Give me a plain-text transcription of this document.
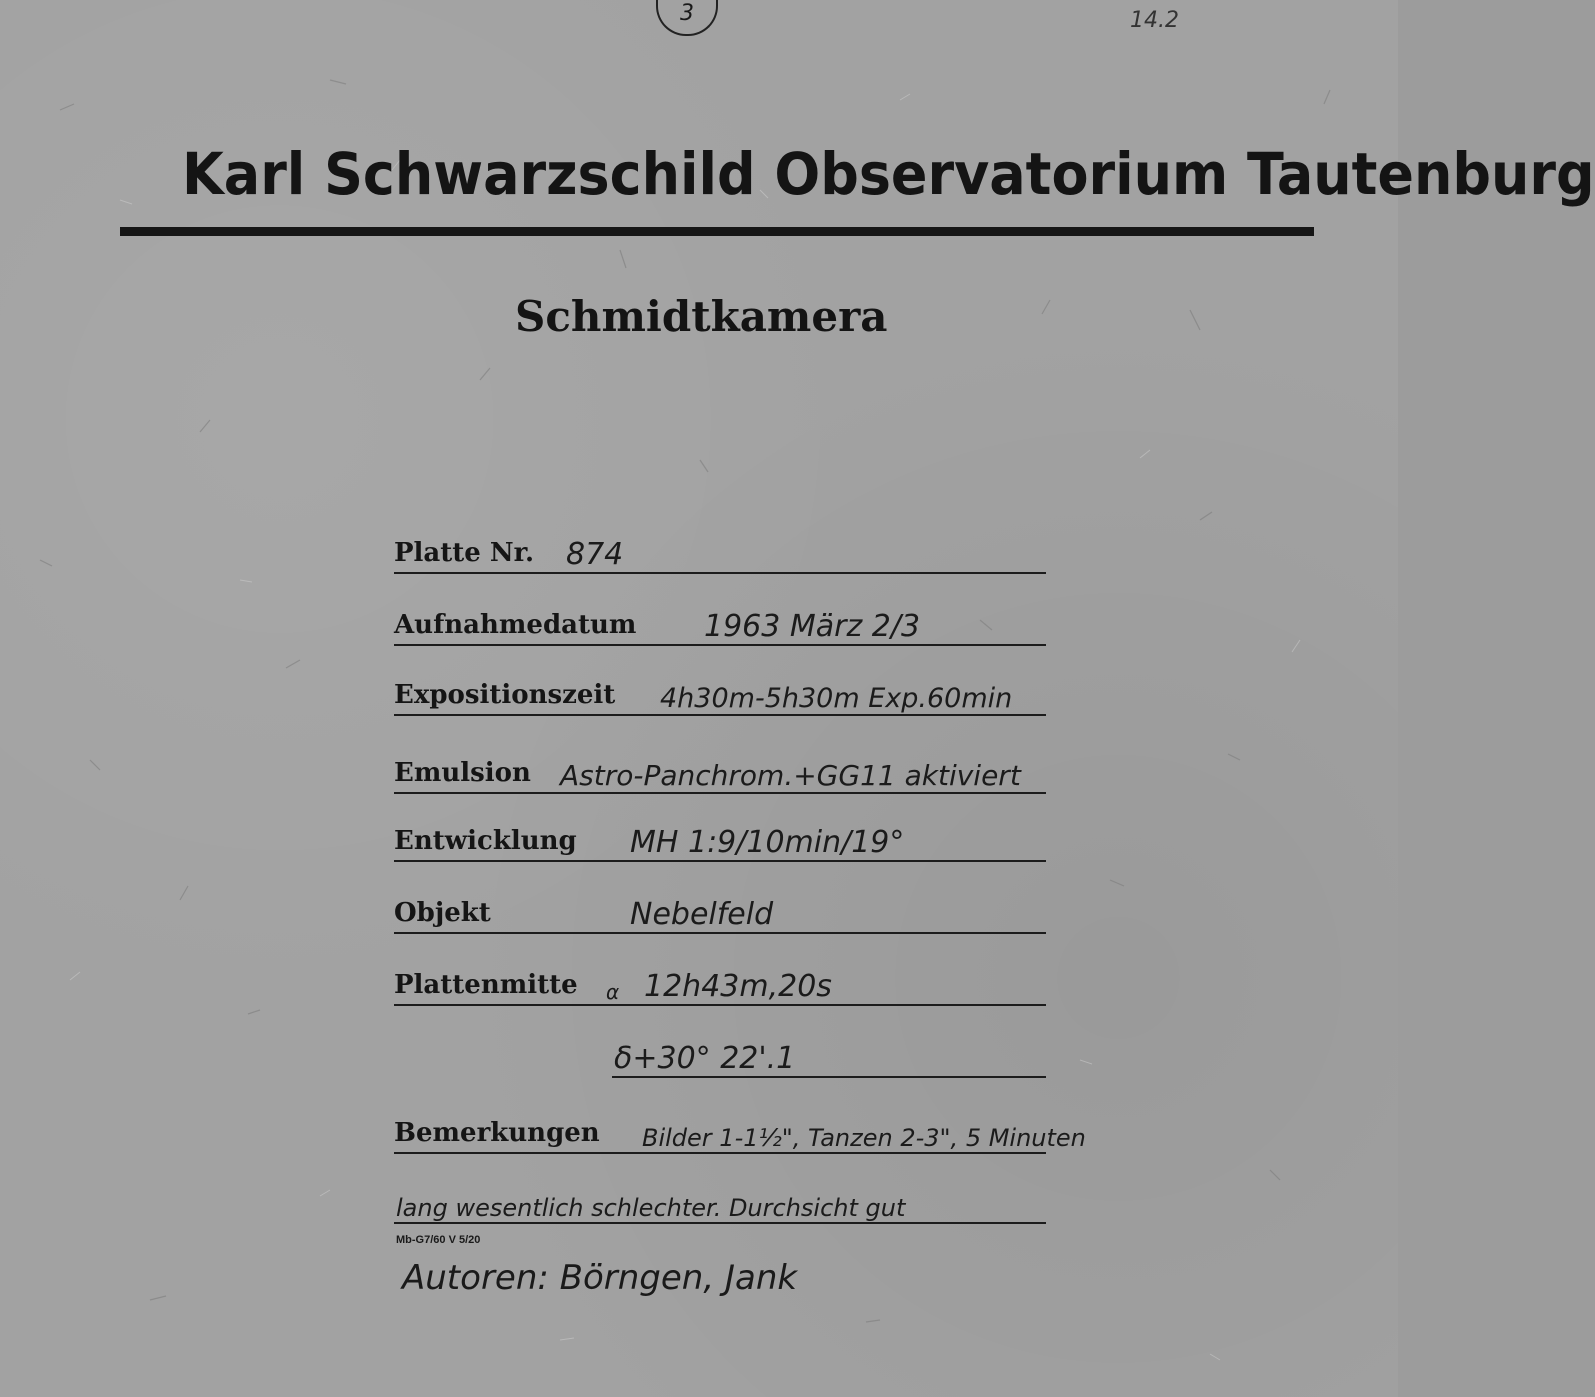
3	14.2
Karl Schwarzschild Observatorium Tautenburg
Schmidtkamera
Platte Nr. 874
Aufnahmedatum 1963 März 2/3
Expositionszeit 4h30m-5h30m Exp.60min
Emulsion Astro-Panchrom.+GG11 aktiviert
Entwicklung MH 1:9/10min/19°
Objekt	Nebelfeld
Plattenmitte α 12h43m,20s
δ+30° 22'.1
Bemerkungen Bilder 1-1½", Tanzen 2-3", 5 Minuten
lang wesentlich schlechter. Durchsicht gut
Mb-G7/60 V 5/20
Autoren: Börngen, Jank
